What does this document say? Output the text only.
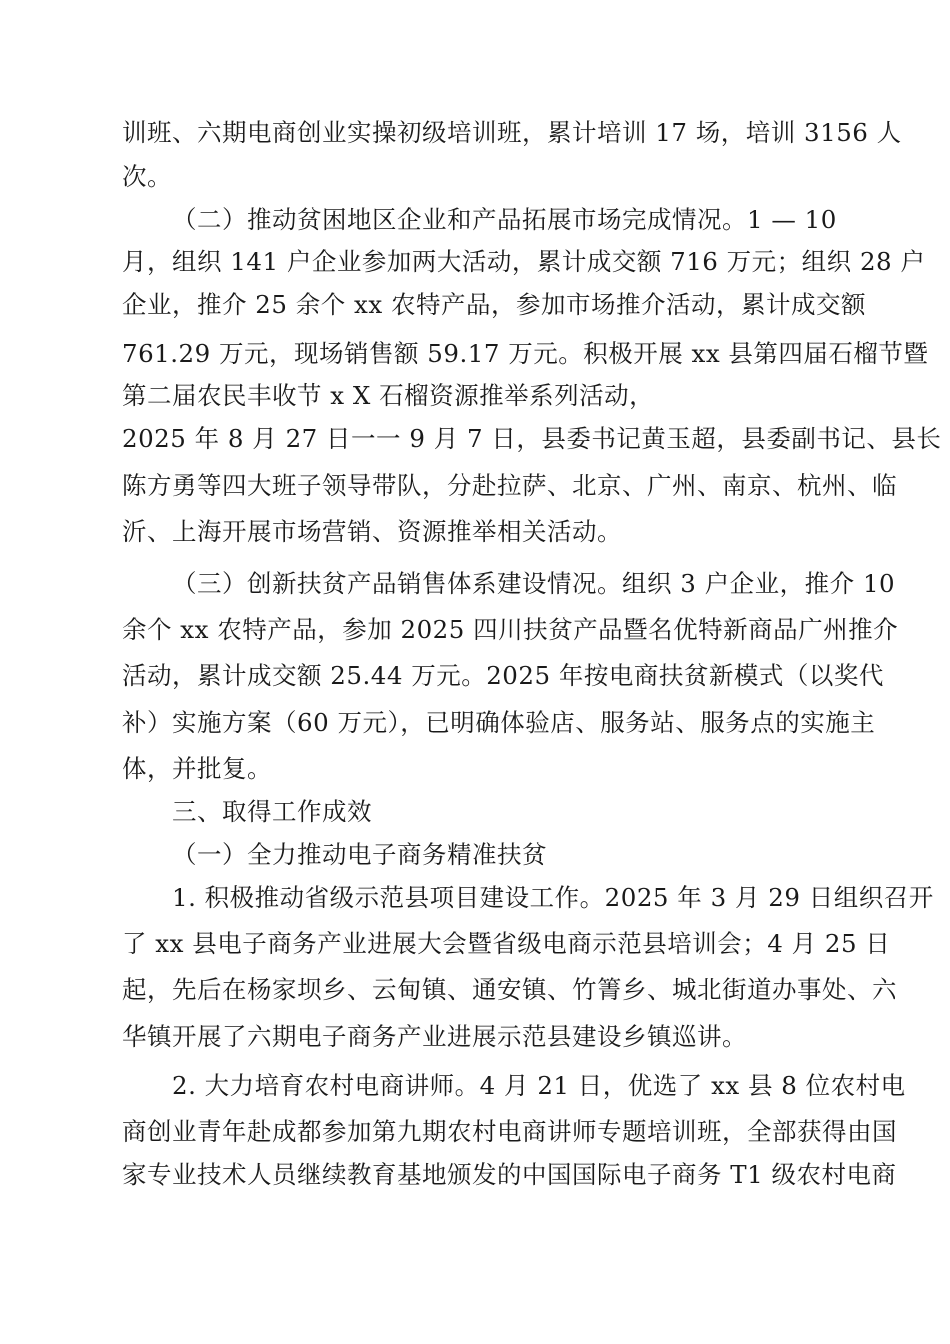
训班、六期电商创业实操初级培训班，累计培训 17 场，培训 3156 人
次。
（二）推动贫困地区企业和产品拓展市场完成情况。1 — 10
月，组织 141 户企业参加两大活动，累计成交额 716 万元；组织 28 户
企业，推介 25 余个 xx 农特产品，参加市场推介活动，累计成交额
761.29 万元，现场销售额 59.17 万元。积极开展 xx 县第四届石榴节暨
第二届农民丰收节 x X 石榴资源推举系列活动，
2025 年 8 月 27 日一一 9 月 7 日，县委书记黄玉超，县委副书记、县长
陈方勇等四大班子领导带队，分赴拉萨、北京、广州、南京、杭州、临
沂、上海开展市场营销、资源推举相关活动。
（三）创新扶贫产品销售体系建设情况。组织 3 户企业，推介 10
余个 xx 农特产品，参加 2025 四川扶贫产品暨名优特新商品广州推介
活动，累计成交额 25.44 万元。2025 年按电商扶贫新模式（以奖代
补）实施方案（60 万元），已明确体验店、服务站、服务点的实施主
体，并批复。
三、取得工作成效
（一）全力推动电子商务精准扶贫
1. 积极推动省级示范县项目建设工作。2025 年 3 月 29 日组织召开
了 xx 县电子商务产业进展大会暨省级电商示范县培训会；4 月 25 日
起，先后在杨家坝乡、云甸镇、通安镇、竹箐乡、城北街道办事处、六
华镇开展了六期电子商务产业进展示范县建设乡镇巡讲。
2. 大力培育农村电商讲师。4 月 21 日，优选了 xx 县 8 位农村电
商创业青年赴成都参加第九期农村电商讲师专题培训班，全部获得由国
家专业技术人员继续教育基地颁发的中国国际电子商务 T1 级农村电商
